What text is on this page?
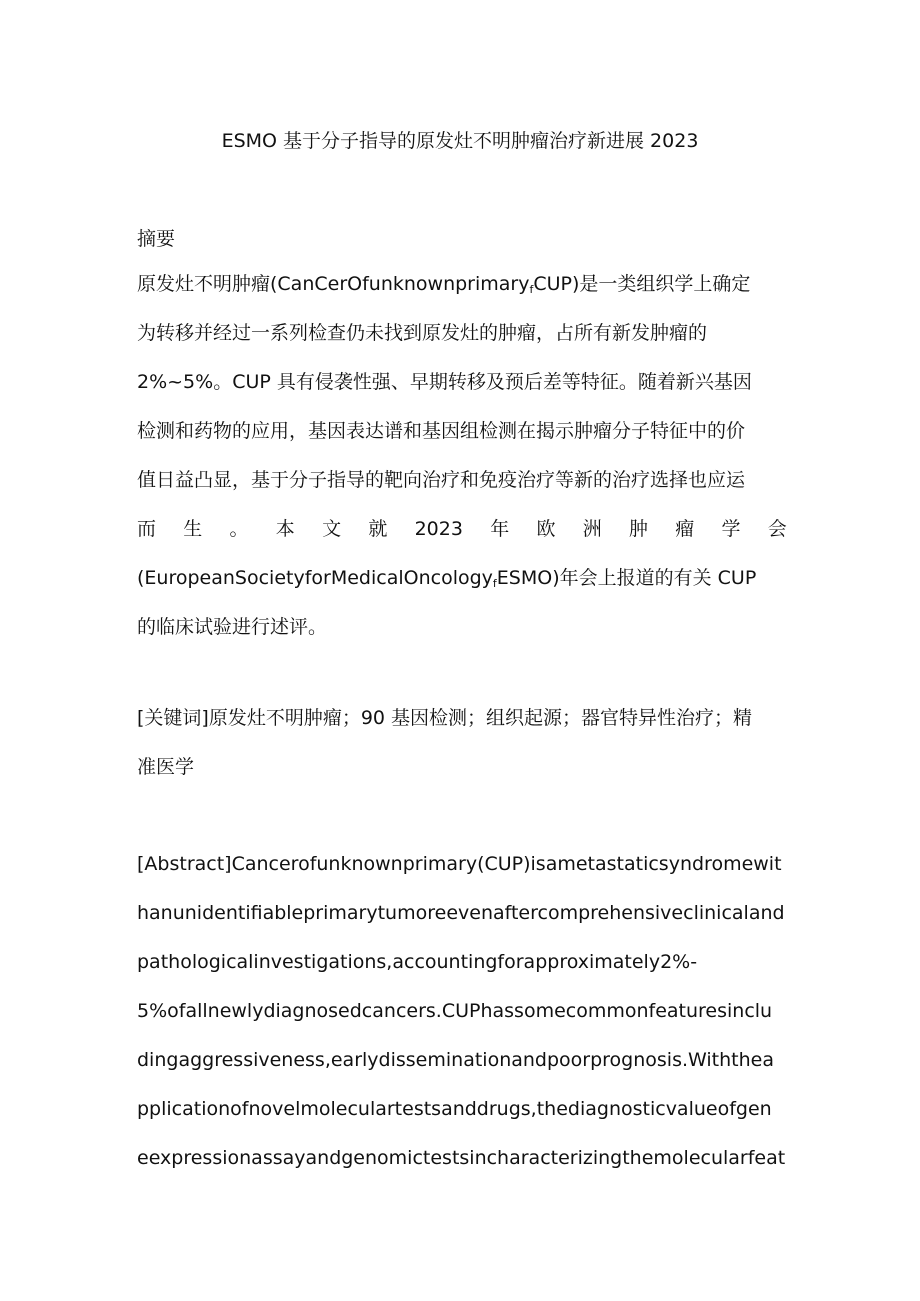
ESMO 基于分子指导的原发灶不明肿瘤治疗新进展 2023
摘要
原发灶不明肿瘤(CanCerOfunknownprimary$_f$CUP)是一类组织学上确定
为转移并经过一系列检查仍未找到原发灶的肿瘤，占所有新发肿瘤的
2%~5%。CUP 具有侵袭性强、早期转移及预后差等特征。随着新兴基因
检测和药物的应用，基因表达谱和基因组检测在揭示肿瘤分子特征中的价
值日益凸显，基于分子指导的靶向治疗和免疫治疗等新的治疗选择也应运
而 生 。 本 文 就 2023 年 欧 洲 肿 瘤 学 会
(EuropeanSocietyforMedicalOncology$_f$ESMO)年会上报道的有关 CUP
的临床试验进行述评。
[关键词]原发灶不明肿瘤；90 基因检测；组织起源；器官特异性治疗；精
准医学
[Abstract]Cancerofunknownprimary(CUP)isametastaticsyndromewit
hanunidentifiableprimarytumoreevenaftercomprehensiveclinicaland
pathologicalinvestigations,accountingforapproximately2%-
5%ofallnewlydiagnosedcancers.CUPhassomecommonfeaturesinclu
dingaggressiveness,earlydisseminationandpoorprognosis.Withthea
pplicationofnovelmoleculartestsanddrugs,thediagnosticvalueofgen
eexpressionassayandgenomictestsincharacterizingthemolecularfeat
